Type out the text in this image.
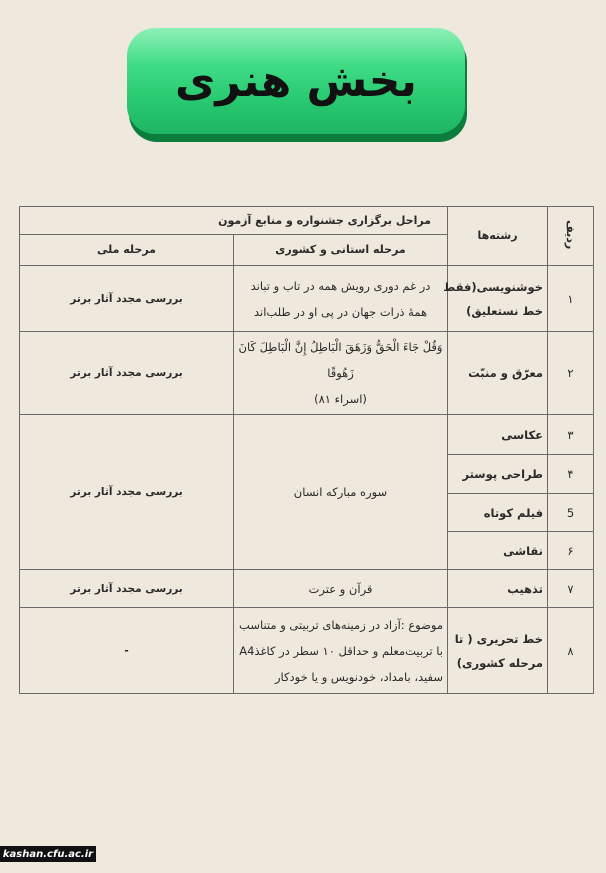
بخش هنری
ردیف	رشته‌ها	مراحل برگزاری جشنواره و منابع آزمون	
		مرحله استانی و کشوری	مرحله ملی
۱	خوشنویسی(فقط خط نستعلیق)	در غم دوری رویش همه در تاب و تباند
همهٔ ذرات جهان در پی او در طلب‌اند	بررسی مجدد آثار برتر
۲	معرّق و منبّت	وَقُلْ جَاءَ الْحَقُّ وَزَهَقَ الْبَاطِلُ إِنَّ الْبَاطِلَ كَانَ زَهُوقًا
(اسراء ۸۱)	بررسی مجدد آثار برتر
۳	عکاسی	سوره مبارکه انسان	بررسی مجدد آثار برتر
۴	طراحی پوستر		
5	فیلم کوتاه		
۶	نقاشی		
۷	تذهیب	قرآن و عترت	بررسی مجدد آثار برتر
۸	خط تحریری ( تا مرحله کشوری)	موضوع :آزاد در زمینه‌های تربیتی و متناسب با تربیت‌معلم و حداقل ۱۰ سطر در کاغذA4 سفید، بامداد، خودنویس و یا خودکار	-
kashan.cfu.ac.ir
